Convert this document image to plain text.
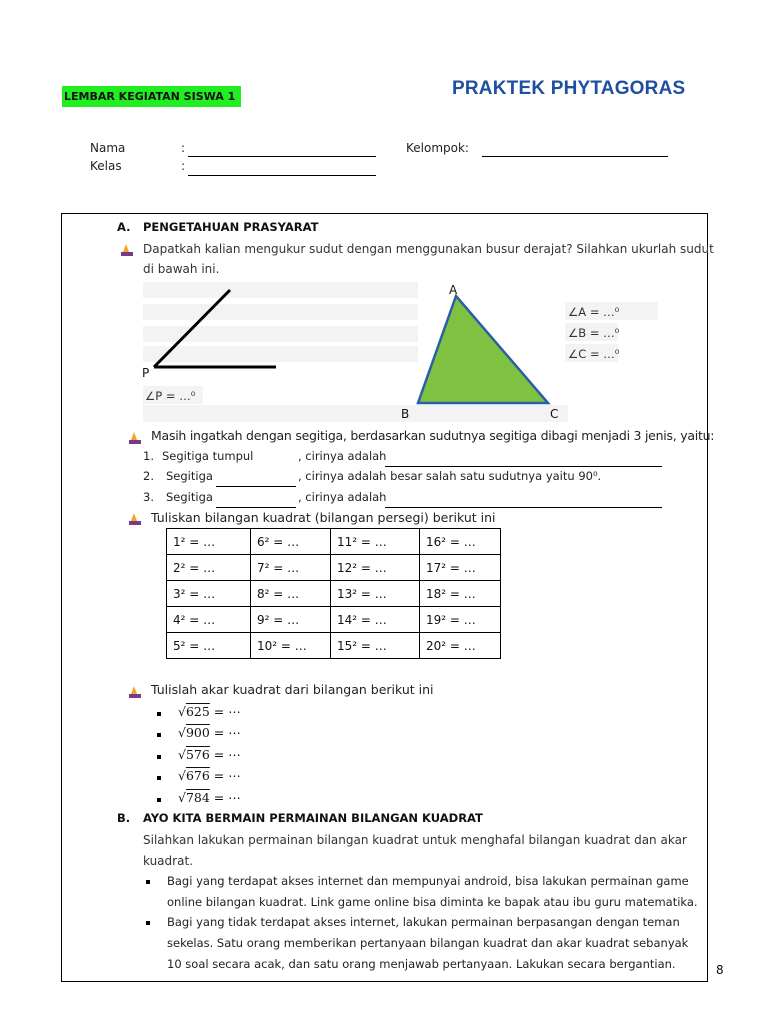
LEMBAR KEGIATAN SISWA 1	PRAKTEK PHYTAGORAS
Nama	:
Kelas	:
Kelompok:
A. PENGETAHUAN PRASYARAT
Dapatkah kalian mengukur sudut dengan menggunakan busur derajat? Silahkan ukurlah sudut
di bawah ini.
P
∠P = …⁰
A
B	C
∠A = …⁰
∠B = …⁰
∠C = …⁰
Masih ingatkah dengan segitiga, berdasarkan sudutnya segitiga dibagi menjadi 3 jenis, yaitu:
1. Segitiga tumpul	, cirinya adalah
2. Segitiga	, cirinya adalah besar salah satu sudutnya yaitu 90⁰.
3. Segitiga	, cirinya adalah
Tuliskan bilangan kuadrat (bilangan persegi) berikut ini
1² = …	6² = …	11² = …	16² = …
2² = …	7² = …	12² = …	17² = …
3² = …	8² = …	13² = …	18² = …
4² = …	9² = …	14² = …	19² = …
5² = …	10² = …	15² = …	20² = …
Tulislah akar kuadrat dari bilangan berikut ini
√625 = ⋯
√900 = ⋯
√576 = ⋯
√676 = ⋯
√784 = ⋯
B. AYO KITA BERMAIN PERMAINAN BILANGAN KUADRAT
Silahkan lakukan permainan bilangan kuadrat untuk menghafal bilangan kuadrat dan akar
kuadrat.
Bagi yang terdapat akses internet dan mempunyai android, bisa lakukan permainan game
online bilangan kuadrat. Link game online bisa diminta ke bapak atau ibu guru matematika.
Bagi yang tidak terdapat akses internet, lakukan permainan berpasangan dengan teman
sekelas. Satu orang memberikan pertanyaan bilangan kuadrat dan akar kuadrat sebanyak
10 soal secara acak, dan satu orang menjawab pertanyaan. Lakukan secara bergantian.	8
